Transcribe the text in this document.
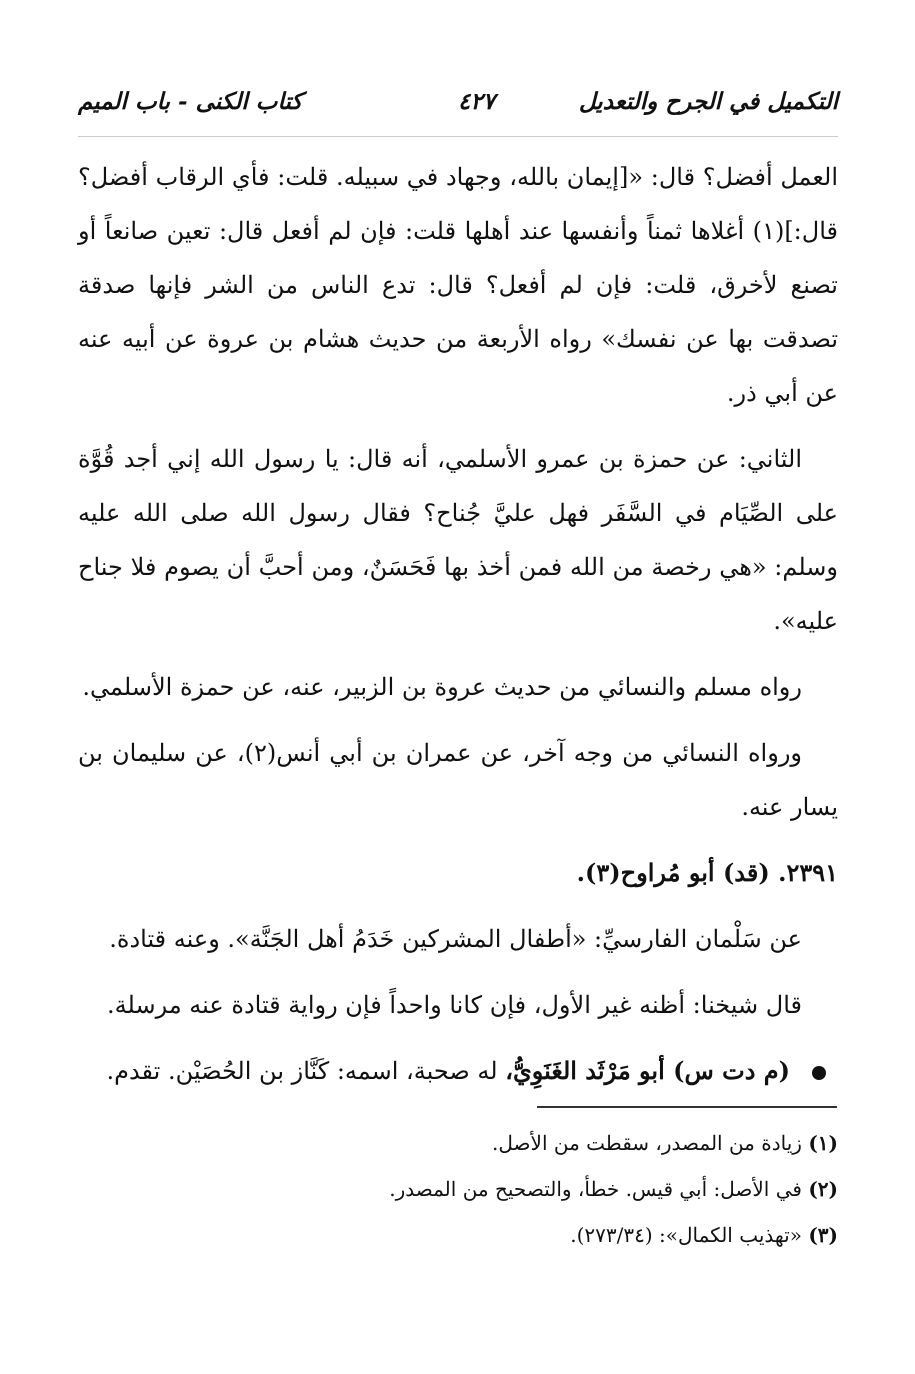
التكميل في الجرح والتعديل
٤٢٧
كتاب الكنى - باب الميم

العمل أفضل؟ قال: «[إيمان بالله، وجهاد في سبيله. قلت: فأي الرقاب أفضل؟ قال:](١) أغلاها ثمناً وأنفسها عند أهلها قلت: فإن لم أفعل قال: تعين صانعاً أو تصنع لأخرق، قلت: فإن لم أفعل؟ قال: تدع الناس من الشر فإنها صدقة تصدقت بها عن نفسك» رواه الأربعة من حديث هشام بن عروة عن أبيه عنه عن أبي ذر.

الثاني: عن حمزة بن عمرو الأسلمي، أنه قال: يا رسول الله إني أجد قُوَّة على الصِّيَام في السَّفَر فهل عليَّ جُناح؟ فقال رسول الله صلى الله عليه وسلم: «هي رخصة من الله فمن أخذ بها فَحَسَنٌ، ومن أحبَّ أن يصوم فلا جناح عليه».

رواه مسلم والنسائي من حديث عروة بن الزبير، عنه، عن حمزة الأسلمي.

ورواه النسائي من وجه آخر، عن عمران بن أبي أنس(٢)، عن سليمان بن يسار عنه.

٢٣٩١. (قد) أبو مُراوح(٣).

عن سَلْمان الفارسيِّ: «أطفال المشركين خَدَمُ أهل الجَنَّة». وعنه قتادة.

قال شيخنا: أظنه غير الأول، فإن كانا واحداً فإن رواية قتادة عنه مرسلة.

(م دت س) أبو مَرْثَد الغَنَوِيُّ، له صحبة، اسمه: كَنَّاز بن الحُصَيْن. تقدم.

(١) زيادة من المصدر، سقطت من الأصل.

(٢) في الأصل: أبي قيس. خطأ، والتصحيح من المصدر.

(٣) «تهذيب الكمال»: (٢٧٣/٣٤).
